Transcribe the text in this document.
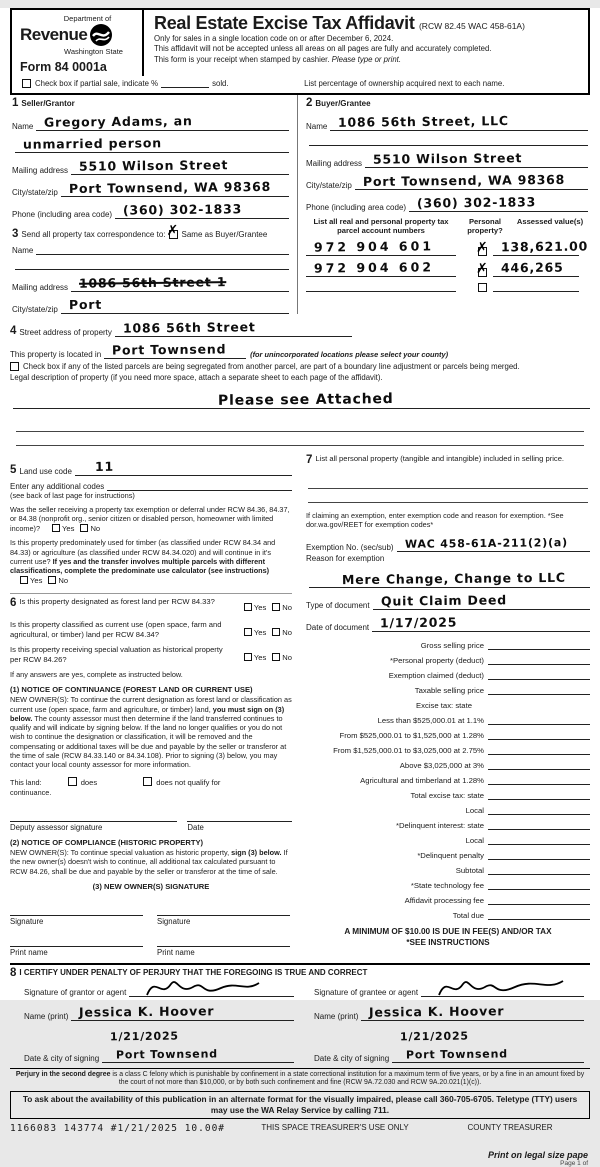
Department of
Revenue
Washington State
Form 84 0001a
Real Estate Excise Tax Affidavit (RCW 82.45 WAC 458-61A)
Only for sales in a single location code on or after December 6, 2024.
This affidavit will not be accepted unless all areas on all pages are fully and accurately completed.
This form is your receipt when stamped by cashier. Please type or print.
Check box if partial sale, indicate %	sold.	List percentage of ownership acquired next to each name.
1 Seller/Grantor
Name Gregory Adams, an
unmarried person
Mailing address 5510 Wilson Street
City/state/zip Port Townsend, WA 98368
Phone (including area code) (360) 302-1833
3 Send all property tax correspondence to: ✗ Same as Buyer/Grantee
Name
Mailing address 1086 56th Street 1
City/state/zip Port
2 Buyer/Grantee
Name 1086 56th Street, LLC
Mailing address 5510 Wilson Street
City/state/zip Port Townsend, WA 98368
Phone (including area code) (360) 302-1833
List all real and personal property tax parcel account numbers
Personal property?
Assessed value(s)
972 904 601	✗	138,621.00
972 904 602	✗	446,265
4 Street address of property 1086 56th Street
This property is located in Port Townsend	(for unincorporated locations please select your county)
Check box if any of the listed parcels are being segregated from another parcel, are part of a boundary line adjustment or parcels being merged.
Legal description of property (if you need more space, attach a separate sheet to each page of the affidavit).
Please see Attached
5 Land use code	11
Enter any additional codes
(see back of last page for instructions)
Was the seller receiving a property tax exemption or deferral under RCW 84.36, 84.37, or 84.38 (nonprofit org., senior citizen or disabled person, homeowner with limited income)?	Yes No
Is this property predominately used for timber (as classified under RCW 84.34 and 84.33) or agriculture (as classified under RCW 84.34.020) and will continue in it's current use? If yes and the transfer involves multiple parcels with different classifications, complete the predominate use calculator (see instructions) Yes No
6 Is this property designated as forest land per RCW 84.33?
Yes No
Is this property classified as current use (open space, farm and agricultural, or timber) land per RCW 84.34?	Yes No
Is this property receiving special valuation as historical property per RCW 84.26?	Yes No
If any answers are yes, complete as instructed below.
(1) NOTICE OF CONTINUANCE (FOREST LAND OR CURRENT USE)
NEW OWNER(S): To continue the current designation as forest land or classification as current use (open space, farm and agriculture, or timber) land, you must sign on (3) below. The county assessor must then determine if the land transferred continues to qualify and will indicate by signing below. If the land no longer qualifies or you do not wish to continue the designation or classification, it will be removed and the compensating or additional taxes will be due and payable by the seller or transferor at the time of sale (RCW 84.33.140 or 84.34.108). Prior to signing (3) below, you may contact your local county assessor for more information.
This land:	does	does not qualify for
continuance.
Deputy assessor signature	Date
(2) NOTICE OF COMPLIANCE (HISTORIC PROPERTY)
NEW OWNER(S): To continue special valuation as historic property, sign (3) below. If the new owner(s) doesn't wish to continue, all additional tax calculated pursuant to RCW 84.26, shall be due and payable by the seller or transferor at the time of sale.
(3) NEW OWNER(S) SIGNATURE
Signature	Signature
Print name	Print name
7 List all personal property (tangible and intangible) included in selling price.
If claiming an exemption, enter exemption code and reason for exemption. *See dor.wa.gov/REET for exemption codes*
Exemption No. (sec/sub) WAC 458-61A-211(2)(a)
Reason for exemption
Mere Change, Change to LLC
Type of document Quit Claim Deed
Date of document 1/17/2025
Gross selling price
*Personal property (deduct)
Exemption claimed (deduct)
Taxable selling price
Excise tax: state
Less than $525,000.01 at 1.1%
From $525,000.01 to $1,525,000 at 1.28%
From $1,525,000.01 to $3,025,000 at 2.75%
Above $3,025,000 at 3%
Agricultural and timberland at 1.28%
Total excise tax: state
Local
*Delinquent interest: state
Local
*Delinquent penalty
Subtotal
*State technology fee
Affidavit processing fee
Total due
A MINIMUM OF $10.00 IS DUE IN FEE(S) AND/OR TAX
*SEE INSTRUCTIONS
8 I CERTIFY UNDER PENALTY OF PERJURY THAT THE FOREGOING IS TRUE AND CORRECT
Signature of grantor or agent
Name (print) Jessica K. Hoover
Date & city of signing
1/21/2025Port Townsend
Signature of grantee or agent
Name (print) Jessica K. Hoover
Date & city of signing
1/21/2025Port Townsend
Perjury in the second degree is a class C felony which is punishable by confinement in a state correctional institution for a maximum term of five years, or by a fine in an amount fixed by the court of not more than $10,000, or by both such confinement and fine (RCW 9A.72.030 and RCW 9A.20.021(1)(c)).
To ask about the availability of this publication in an alternate format for the visually impaired, please call 360-705-6705. Teletype (TTY) users may use the WA Relay Service by calling 711.
1166083 143774 #1/21/2025 10.00#	THIS SPACE TREASURER'S USE ONLY	COUNTY TREASURER
Print on legal size pape
Page 1 of
